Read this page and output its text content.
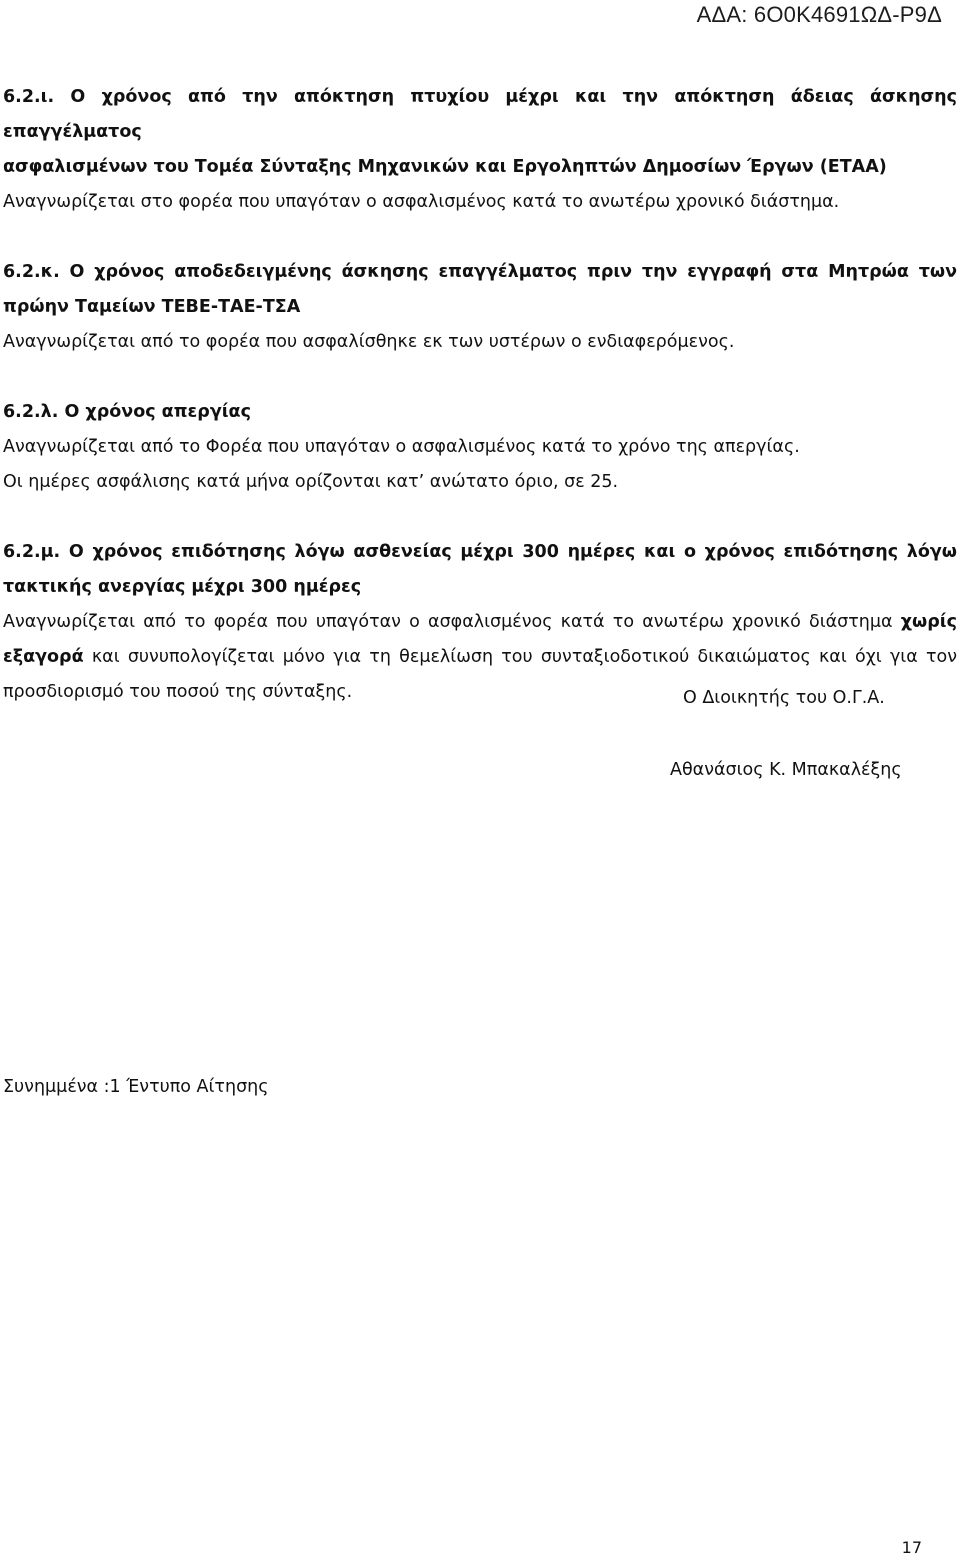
ΑΔΑ: 6Ο0Κ4691ΩΔ-Ρ9Δ
6.2.ι. Ο χρόνος από την απόκτηση πτυχίου μέχρι και την απόκτηση άδειας άσκησης επαγγέλματος
ασφαλισμένων του Τομέα Σύνταξης Μηχανικών και Εργοληπτών Δημοσίων Έργων (ΕΤΑΑ)
Αναγνωρίζεται στο φορέα που υπαγόταν ο ασφαλισμένος κατά το ανωτέρω χρονικό διάστημα.
6.2.κ. Ο χρόνος αποδεδειγμένης άσκησης επαγγέλματος πριν την εγγραφή στα Μητρώα των
πρώην Ταμείων ΤΕΒΕ-ΤΑΕ-ΤΣΑ
Αναγνωρίζεται από το φορέα που ασφαλίσθηκε εκ των υστέρων ο ενδιαφερόμενος.
6.2.λ. Ο χρόνος απεργίας
Αναγνωρίζεται από το Φορέα που υπαγόταν ο ασφαλισμένος κατά το χρόνο της απεργίας.
Οι ημέρες ασφάλισης κατά μήνα ορίζονται κατ’ ανώτατο όριο, σε 25.
6.2.μ. Ο χρόνος επιδότησης λόγω ασθενείας μέχρι 300 ημέρες και ο χρόνος επιδότησης λόγω
τακτικής ανεργίας μέχρι 300 ημέρες
Αναγνωρίζεται από το φορέα που υπαγόταν ο ασφαλισμένος κατά το ανωτέρω χρονικό διάστημα χωρίς
εξαγορά και συνυπολογίζεται μόνο για τη θεμελίωση του συνταξιοδοτικού δικαιώματος και όχι για τον
προσδιορισμό του ποσού της σύνταξης.	Ο Διοικητής του Ο.Γ.Α.
Αθανάσιος Κ. Μπακαλέξης
Συνημμένα :1 Έντυπο Αίτησης
17
